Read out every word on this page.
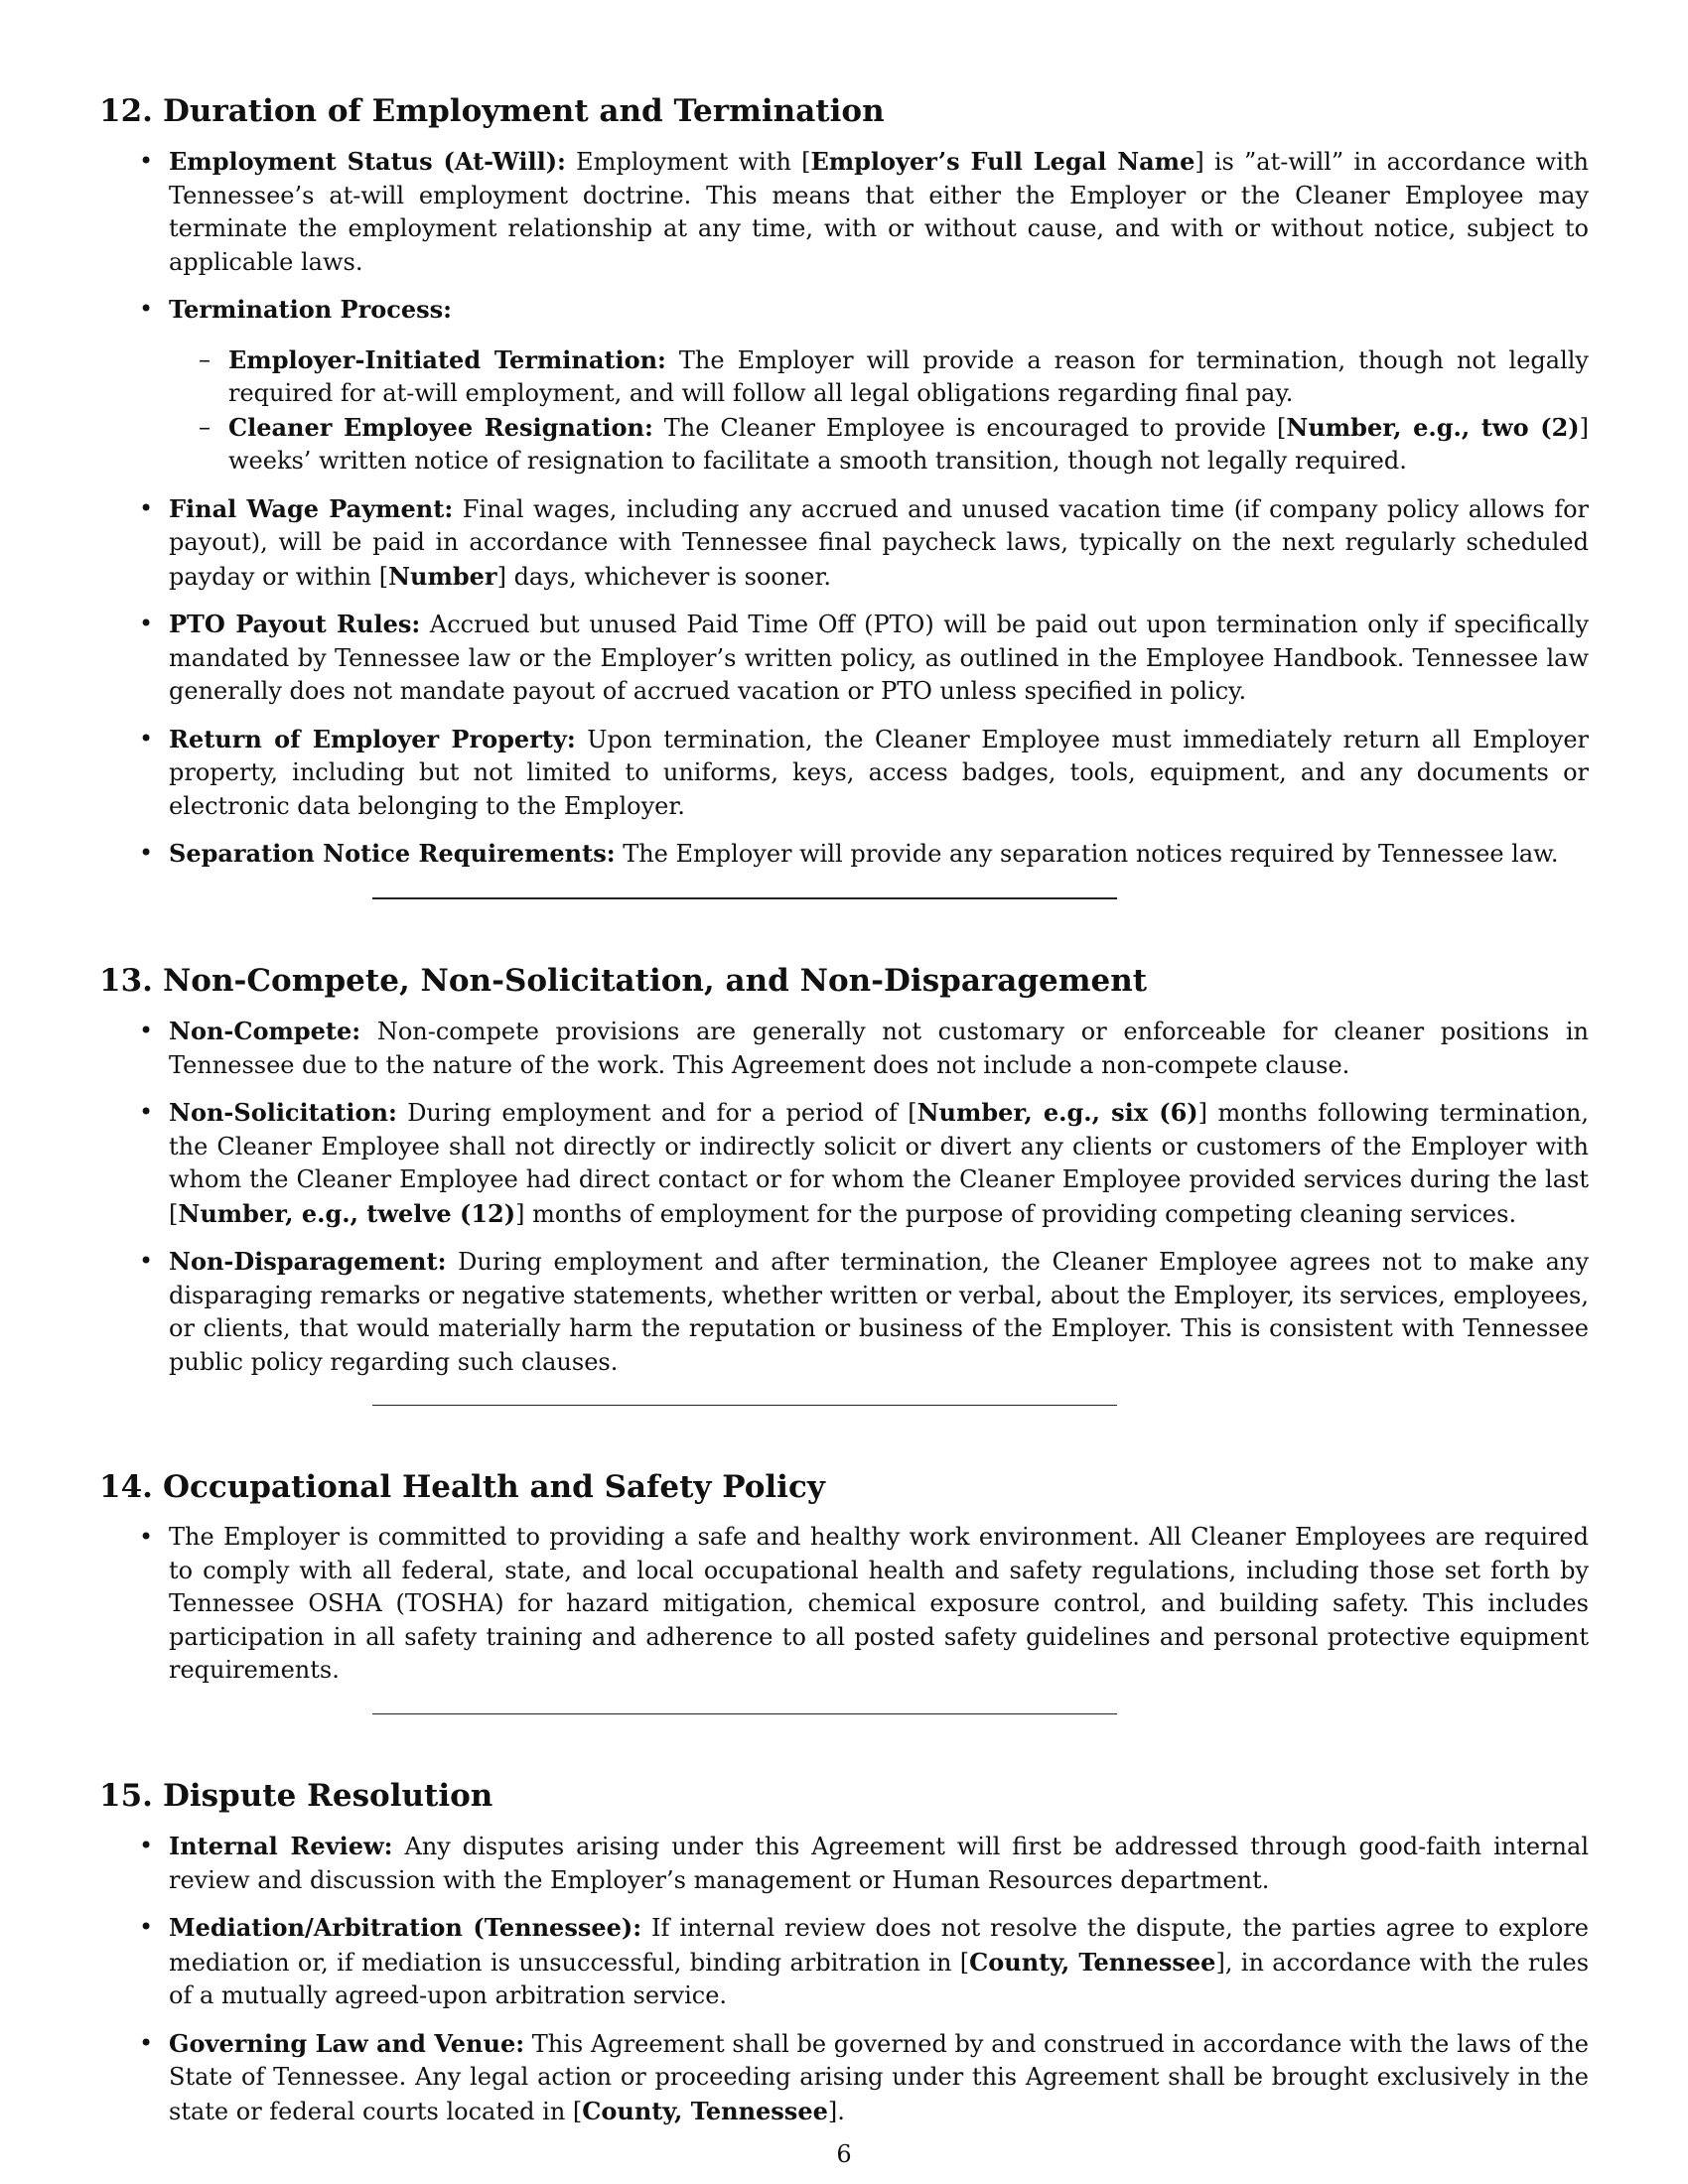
12. Duration of Employment and Termination
• Employment Status (At-Will): Employment with [Employer’s Full Legal Name] is ”at-will” in accordance with Tennessee’s at-will employment doctrine. This means that either the Employer or the Cleaner Employee may terminate the employment relationship at any time, with or without cause, and with or without notice, subject to applicable laws.
• Termination Process:
– Employer-Initiated Termination: The Employer will provide a reason for termination, though not legally required for at-will employment, and will follow all legal obligations regarding final pay.
– Cleaner Employee Resignation: The Cleaner Employee is encouraged to provide [Number, e.g., two (2)] weeks’ written notice of resignation to facilitate a smooth transition, though not legally required.
• Final Wage Payment: Final wages, including any accrued and unused vacation time (if company policy allows for payout), will be paid in accordance with Tennessee final paycheck laws, typically on the next regularly scheduled payday or within [Number] days, whichever is sooner.
• PTO Payout Rules: Accrued but unused Paid Time Off (PTO) will be paid out upon termination only if specifically mandated by Tennessee law or the Employer’s written policy, as outlined in the Employee Handbook. Tennessee law generally does not mandate payout of accrued vacation or PTO unless specified in policy.
• Return of Employer Property: Upon termination, the Cleaner Employee must immediately return all Employer property, including but not limited to uniforms, keys, access badges, tools, equipment, and any documents or electronic data belonging to the Employer.
• Separation Notice Requirements: The Employer will provide any separation notices required by Tennessee law.
13. Non-Compete, Non-Solicitation, and Non-Disparagement
• Non-Compete: Non-compete provisions are generally not customary or enforceable for cleaner positions in Tennessee due to the nature of the work. This Agreement does not include a non-compete clause.
• Non-Solicitation: During employment and for a period of [Number, e.g., six (6)] months following termination, the Cleaner Employee shall not directly or indirectly solicit or divert any clients or customers of the Employer with whom the Cleaner Employee had direct contact or for whom the Cleaner Employee provided services during the last [Number, e.g., twelve (12)] months of employment for the purpose of providing competing cleaning services.
• Non-Disparagement: During employment and after termination, the Cleaner Employee agrees not to make any disparaging remarks or negative statements, whether written or verbal, about the Employer, its services, employees, or clients, that would materially harm the reputation or business of the Employer. This is consistent with Tennessee public policy regarding such clauses.
14. Occupational Health and Safety Policy
• The Employer is committed to providing a safe and healthy work environment. All Cleaner Employees are required to comply with all federal, state, and local occupational health and safety regulations, including those set forth by Tennessee OSHA (TOSHA) for hazard mitigation, chemical exposure control, and building safety. This includes participation in all safety training and adherence to all posted safety guidelines and personal protective equipment requirements.
15. Dispute Resolution
• Internal Review: Any disputes arising under this Agreement will first be addressed through good-faith internal review and discussion with the Employer’s management or Human Resources department.
• Mediation/Arbitration (Tennessee): If internal review does not resolve the dispute, the parties agree to explore mediation or, if mediation is unsuccessful, binding arbitration in [County, Tennessee], in accordance with the rules of a mutually agreed-upon arbitration service.
• Governing Law and Venue: This Agreement shall be governed by and construed in accordance with the laws of the State of Tennessee. Any legal action or proceeding arising under this Agreement shall be brought exclusively in the state or federal courts located in [County, Tennessee].
6
